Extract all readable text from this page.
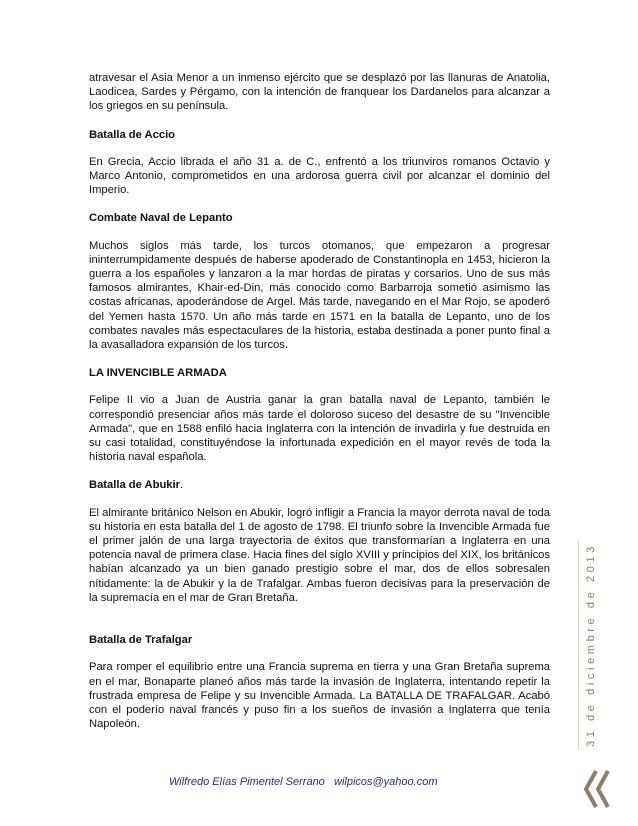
atravesar el Asia Menor a un inmenso ejército que se desplazó por las llanuras de Anatolia, Laodicea, Sardes y Pérgamo, con la intención de franquear los Dardanelos para alcanzar a los griegos en su península.

Batalla de Accio

En Grecia, Accio librada el año 31 a. de C., enfrentó a los triunviros romanos Octavio y Marco Antonio, comprometidos en una ardorosa guerra civil por alcanzar el dominio del Imperio.

Combate Naval de Lepanto

Muchos siglos más tarde, los turcos otomanos, que empezaron a progresar ininterrumpidamente después de haberse apoderado de Constantinopla en 1453, hicieron la guerra a los españoles y lanzaron a la mar hordas de piratas y corsarios. Uno de sus más famosos almirantes, Khair-ed-Din, más conocido como Barbarroja sometió asimismo las costas africanas, apoderándose de Argel. Más tarde, navegando en el Mar Rojo, se apoderó del Yemen hasta 1570. Un año más tarde en 1571 en la batalla de Lepanto, uno de los combates navales más espectaculares de la historia, estaba destinada a poner punto final a la avasalladora expansión de los turcos.

LA INVENCIBLE ARMADA

Felipe II vio a Juan de Austria ganar la gran batalla naval de Lepanto, también le correspondió presenciar años más tarde el doloroso suceso del desastre de su "Invencible Armada", que en 1588 enfiló hacia Inglaterra con la intención de invadirla y fue destruida en su casi totalidad, constituyéndose la infortunada expedición en el mayor revés de toda la historia naval española.

Batalla de Abukir.

El almirante británico Nelson en Abukir, logró infligir a Francia la mayor derrota naval de toda su historia en esta batalla del 1 de agosto de 1798. El triunfo sobre la Invencible Armada fue el primer jalón de una larga trayectoria de éxitos que transformarían a Inglaterra en una potencia naval de primera clase. Hacia fines del siglo XVIII y principios del XIX, los británicos habían alcanzado ya un bien ganado prestigio sobre el mar, dos de ellos sobresalen nítidamente: la de Abukir y la de Trafalgar. Ambas fueron decisivas para la preservación de la supremacía en el mar de Gran Bretaña.

Batalla de Trafalgar

Para romper el equilibrio entre una Francia suprema en tierra y una Gran Bretaña suprema en el mar, Bonaparte planeó años más tarde la invasión de Inglaterra, intentando repetir la frustrada empresa de Felipe y su Invencible Armada. La BATALLA DE TRAFALGAR. Acabó con el poderío naval francés y puso fin a los sueños de invasión a Inglaterra que tenía Napoleón.	31 de diciembre de 2013
Wilfredo Elías Pimentel Serrano wilpicos@yahoo.com
